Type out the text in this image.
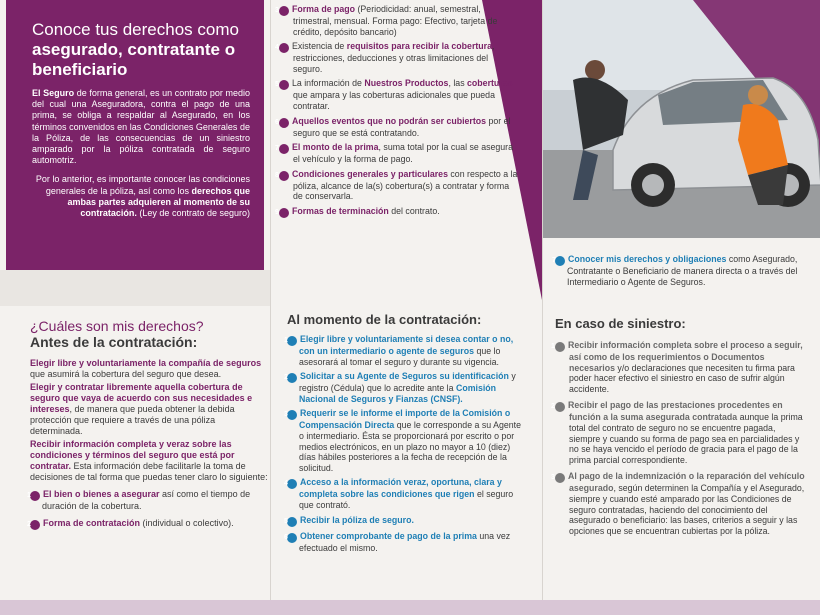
Conoce tus derechos como
asegurado, contratante o beneficiario

El Seguro de forma general, es un contrato por medio del cual una Aseguradora, contra el pago de una prima, se obliga a respaldar al Asegurado, en los términos convenidos en las Condiciones Generales de la Póliza, de las consecuencias de un siniestro amparado por la póliza contratada de seguro automotriz.

Por lo anterior, es importante conocer las condiciones generales de la póliza, así como los derechos que ambas partes adquieren al momento de su contratación. (Ley de contrato de seguro)

¿Cuáles son mis derechos?
Antes de la contratación:
Elegir libre y voluntariamente la compañía de seguros que asumirá la cobertura del seguro que desea.
Elegir y contratar libremente aquella cobertura de seguro que vaya de acuerdo con sus necesidades e intereses, de manera que pueda obtener la debida protección que requiere a través de una póliza determinada.
Recibir información completa y veraz sobre las condiciones y términos del seguro que está por contratar. Esta información debe facilitarle la toma de decisiones de tal forma que puedas tener claro lo siguiente:
1 El bien o bienes a asegurar así como el tiempo de duración de la cobertura.
2 Forma de contratación (individual o colectivo).
3 Forma de pago (Periodicidad: anual, semestral, trimestral, mensual. Forma pago: Efectivo, tarjeta de crédito, depósito bancario)
4 Existencia de requisitos para recibir la cobertura, restricciones, deducciones y otras limitaciones del seguro.
5 La información de Nuestros Productos, las coberturas que ampara y las coberturas adicionales que pueda contratar.
6 Aquellos eventos que no podrán ser cubiertos por el seguro que se está contratando.
7 El monto de la prima, suma total por la cual se asegura el vehículo y la forma de pago.
8 Condiciones generales y particulares con respecto a la póliza, alcance de la(s) cobertura(s) a contratar y forma de conservarla.
9 Formas de terminación del contrato.
Al momento de la contratación:
1 Elegir libre y voluntariamente si desea contar o no, con un intermediario o agente de seguros que lo asesorará al tomar el seguro y durante su vigencia.
2 Solicitar a su Agente de Seguros su identificación y registro (Cédula) que lo acredite ante la Comisión Nacional de Seguros y Fianzas (CNSF).
3 Requerir se le informe el importe de la Comisión o Compensación Directa que le corresponde a su Agente o intermediario. Ésta se proporcionará por escrito o por medios electrónicos, en un plazo no mayor a 10 (diez) días hábiles posteriores a la fecha de recepción de la solicitud.
4 Acceso a la información veraz, oportuna, clara y completa sobre las condiciones que rigen el seguro que contrató.
5 Recibir la póliza de seguro.
6 Obtener comprobante de pago de la prima una vez efectuado el mismo.
7 Conocer mis derechos y obligaciones como Asegurado, Contratante o Beneficiario de manera directa o a través del Intermediario o Agente de Seguros.
En caso de siniestro:
1 Recibir información completa sobre el proceso a seguir, así como de los requerimientos o Documentos necesarios y/o declaraciones que necesiten tu firma para poder hacer efectivo el siniestro en caso de sufrir algún accidente.
2 Recibir el pago de las prestaciones procedentes en función a la suma asegurada contratada aunque la prima total del contrato de seguro no se encuentre pagada, siempre y cuando su forma de pago sea en parcialidades y no se haya vencido el período de gracia para el pago de la prima parcial correspondiente.
3 Al pago de la indemnización o la reparación del vehículo asegurado, según determinen la Compañía y el Asegurado, siempre y cuando esté amparado por las Condiciones de seguro contratadas, haciendo del conocimiento del asegurado o beneficiario: las bases, criterios a seguir y las opciones que se encuentran cubiertas por la póliza.
